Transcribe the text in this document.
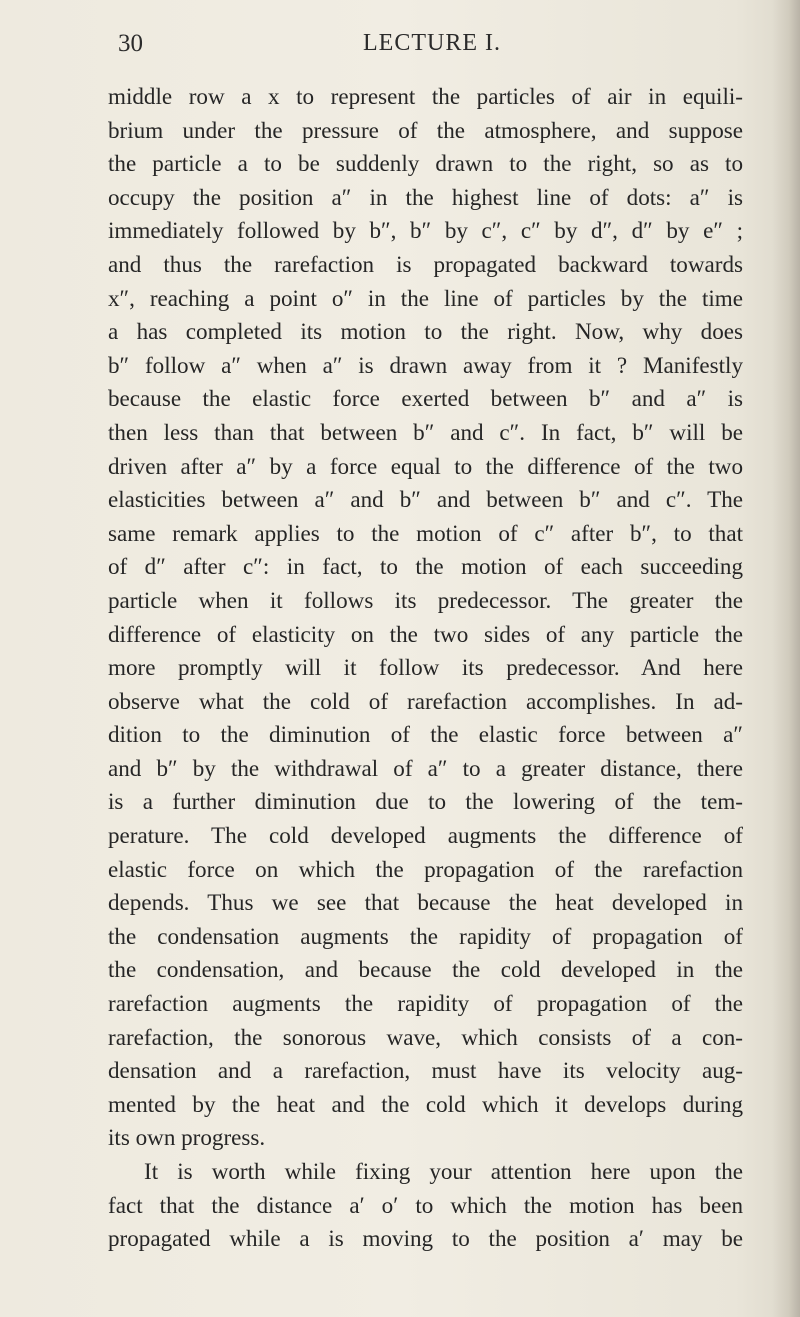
30	LECTURE I.
middle row a x to represent the particles of air in equili-
brium under the pressure of the atmosphere, and suppose
the particle a to be suddenly drawn to the right, so as to
occupy the position a″ in the highest line of dots: a″ is
immediately followed by b″, b″ by c″, c″ by d″, d″ by e″ ;
and thus the rarefaction is propagated backward towards
x″, reaching a point o″ in the line of particles by the time
a has completed its motion to the right. Now, why does
b″ follow a″ when a″ is drawn away from it ? Manifestly
because the elastic force exerted between b″ and a″ is
then less than that between b″ and c″. In fact, b″ will be
driven after a″ by a force equal to the difference of the two
elasticities between a″ and b″ and between b″ and c″. The
same remark applies to the motion of c″ after b″, to that
of d″ after c″: in fact, to the motion of each succeeding
particle when it follows its predecessor. The greater the
difference of elasticity on the two sides of any particle the
more promptly will it follow its predecessor. And here
observe what the cold of rarefaction accomplishes. In ad-
dition to the diminution of the elastic force between a″
and b″ by the withdrawal of a″ to a greater distance, there
is a further diminution due to the lowering of the tem-
perature. The cold developed augments the difference of
elastic force on which the propagation of the rarefaction
depends. Thus we see that because the heat developed in
the condensation augments the rapidity of propagation of
the condensation, and because the cold developed in the
rarefaction augments the rapidity of propagation of the
rarefaction, the sonorous wave, which consists of a con-
densation and a rarefaction, must have its velocity aug-
mented by the heat and the cold which it develops during
its own progress.
It is worth while fixing your attention here upon the
fact that the distance a′ o′ to which the motion has been
propagated while a is moving to the position a′ may be
